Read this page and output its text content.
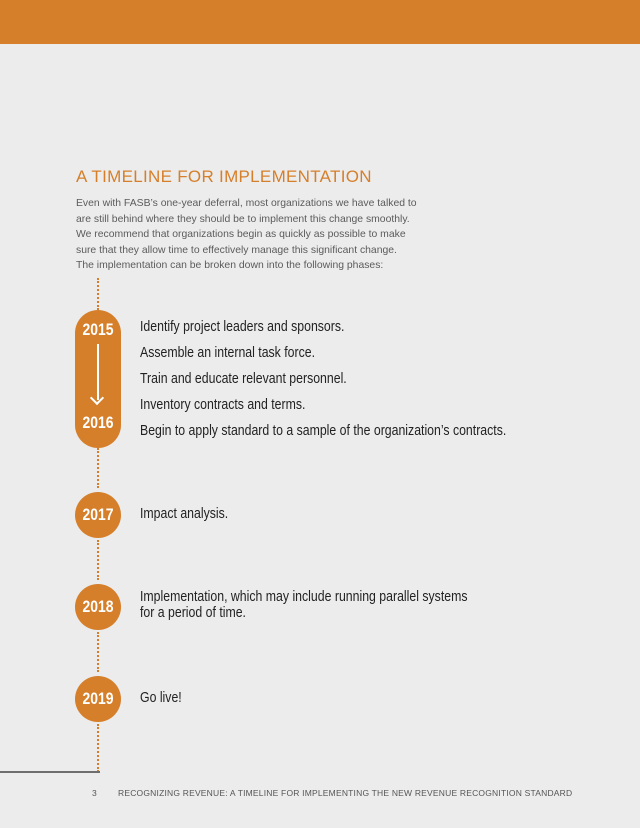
A TIMELINE FOR IMPLEMENTATION

Even with FASB’s one-year deferral, most organizations we have talked to

are still behind where they should be to implement this change smoothly.

We recommend that organizations begin as quickly as possible to make

sure that they allow time to effectively manage this significant change.

The implementation can be broken down into the following phases:

2015
2016

Identify project leaders and sponsors.

Assemble an internal task force.

Train and educate relevant personnel.

Inventory contracts and terms.

Begin to apply standard to a sample of the organization’s contracts.

2017 Impact analysis.

2018

Implementation, which may include running parallel systems

for a period of time.

2019 Go live!

3	RECOGNIZING REVENUE: A TIMELINE FOR IMPLEMENTING THE NEW REVENUE RECOGNITION STANDARD
